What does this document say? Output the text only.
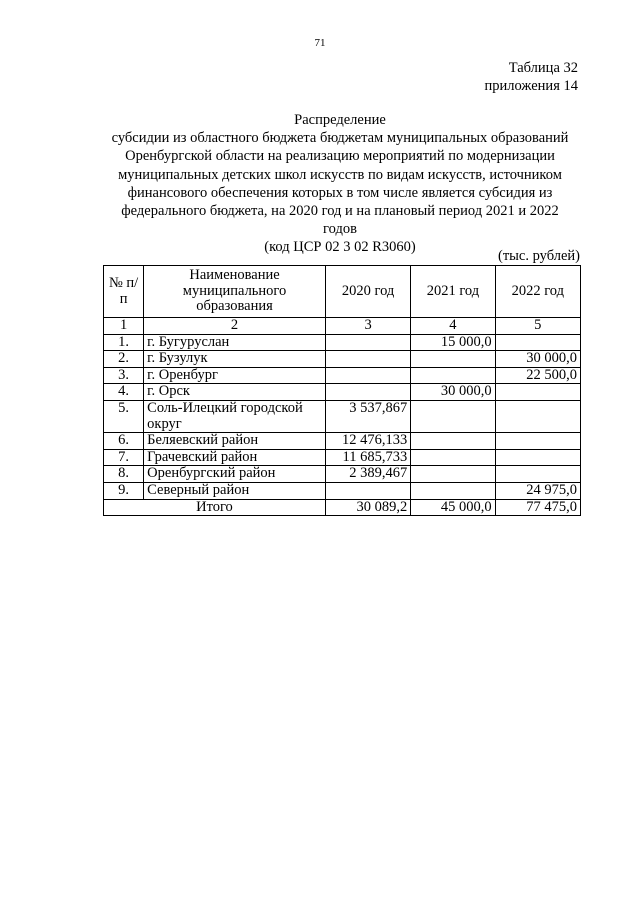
71
Таблица 32
приложения 14
Распределение
субсидии из областного бюджета бюджетам муниципальных образований
Оренбургской области на реализацию мероприятий по модернизации
муниципальных детских школ искусств по видам искусств, источником
финансового обеспечения которых в том числе является субсидия из
федерального бюджета, на 2020 год и на плановый период 2021 и 2022
годов
(код ЦСР 02 3 02 R3060)
(тыс. рублей)
№ п/п	Наименование муниципального образования	2020 год	2021 год	2022 год
1	2	3	4	5
1.	г. Бугуруслан		15 000,0	
2.	г. Бузулук			30 000,0
3.	г. Оренбург			22 500,0
4.	г. Орск		30 000,0	
5.	Соль-Илецкий городской округ	3 537,867		
6.	Беляевский район	12 476,133		
7.	Грачевский район	11 685,733		
8.	Оренбургский район	2 389,467		
9.	Северный район			24 975,0
Итого		30 089,2	45 000,0	77 475,0
